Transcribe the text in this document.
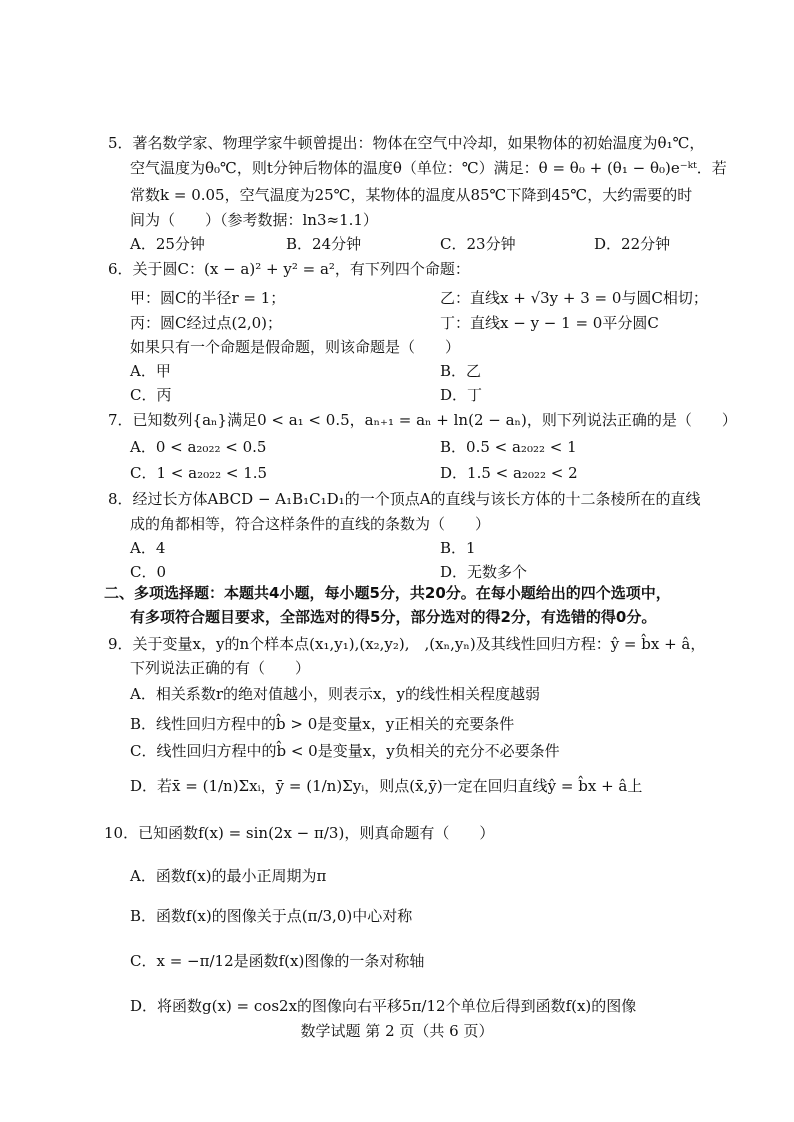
5．著名数学家、物理学家牛顿曾提出：物体在空气中冷却，如果物体的初始温度为θ₁℃，
空气温度为θ₀℃，则t分钟后物体的温度θ（单位：℃）满足：θ = θ₀ + (θ₁ − θ₀)e⁻ᵏᵗ．若
常数k = 0.05，空气温度为25℃，某物体的温度从85℃下降到45℃，大约需要的时
间为（　　）（参考数据：ln3≈1.1）
A．25分钟	B．24分钟	C．23分钟	D．22分钟
6．关于圆C：(x − a)² + y² = a²，有下列四个命题：
甲：圆C的半径r = 1；	乙：直线x + √3y + 3 = 0与圆C相切；
丙：圆C经过点(2,0)；	丁：直线x − y − 1 = 0平分圆C
如果只有一个命题是假命题，则该命题是（　　）
A．甲	B．乙
C．丙	D．丁
7．已知数列{aₙ}满足0 < a₁ < 0.5，aₙ₊₁ = aₙ + ln(2 − aₙ)，则下列说法正确的是（　　）
A．0 < a₂₀₂₂ < 0.5	B．0.5 < a₂₀₂₂ < 1
C．1 < a₂₀₂₂ < 1.5	D．1.5 < a₂₀₂₂ < 2
8．经过长方体ABCD − A₁B₁C₁D₁的一个顶点A的直线与该长方体的十二条棱所在的直线
成的角都相等，符合这样条件的直线的条数为（　　）
A．4	B．1
C．0	D．无数多个
二、多项选择题：本题共4小题，每小题5分，共20分。在每小题给出的四个选项中，
有多项符合题目要求，全部选对的得5分，部分选对的得2分，有选错的得0分。
9．关于变量x，y的n个样本点(x₁,y₁),(x₂,y₂),　,(xₙ,yₙ)及其线性回归方程：ŷ = b̂x + â，
下列说法正确的有（　　）
A．相关系数r的绝对值越小，则表示x，y的线性相关程度越弱
B．线性回归方程中的b̂ > 0是变量x，y正相关的充要条件
C．线性回归方程中的b̂ < 0是变量x，y负相关的充分不必要条件
D．若x̄ = (1/n)Σxᵢ，ȳ = (1/n)Σyᵢ，则点(x̄,ȳ)一定在回归直线ŷ = b̂x + â上
10．已知函数f(x) = sin(2x − π/3)，则真命题有（　　）
A．函数f(x)的最小正周期为π
B．函数f(x)的图像关于点(π/3,0)中心对称
C．x = −π/12是函数f(x)图像的一条对称轴
D．将函数g(x) = cos2x的图像向右平移5π/12个单位后得到函数f(x)的图像
数学试题 第 2 页（共 6 页）
